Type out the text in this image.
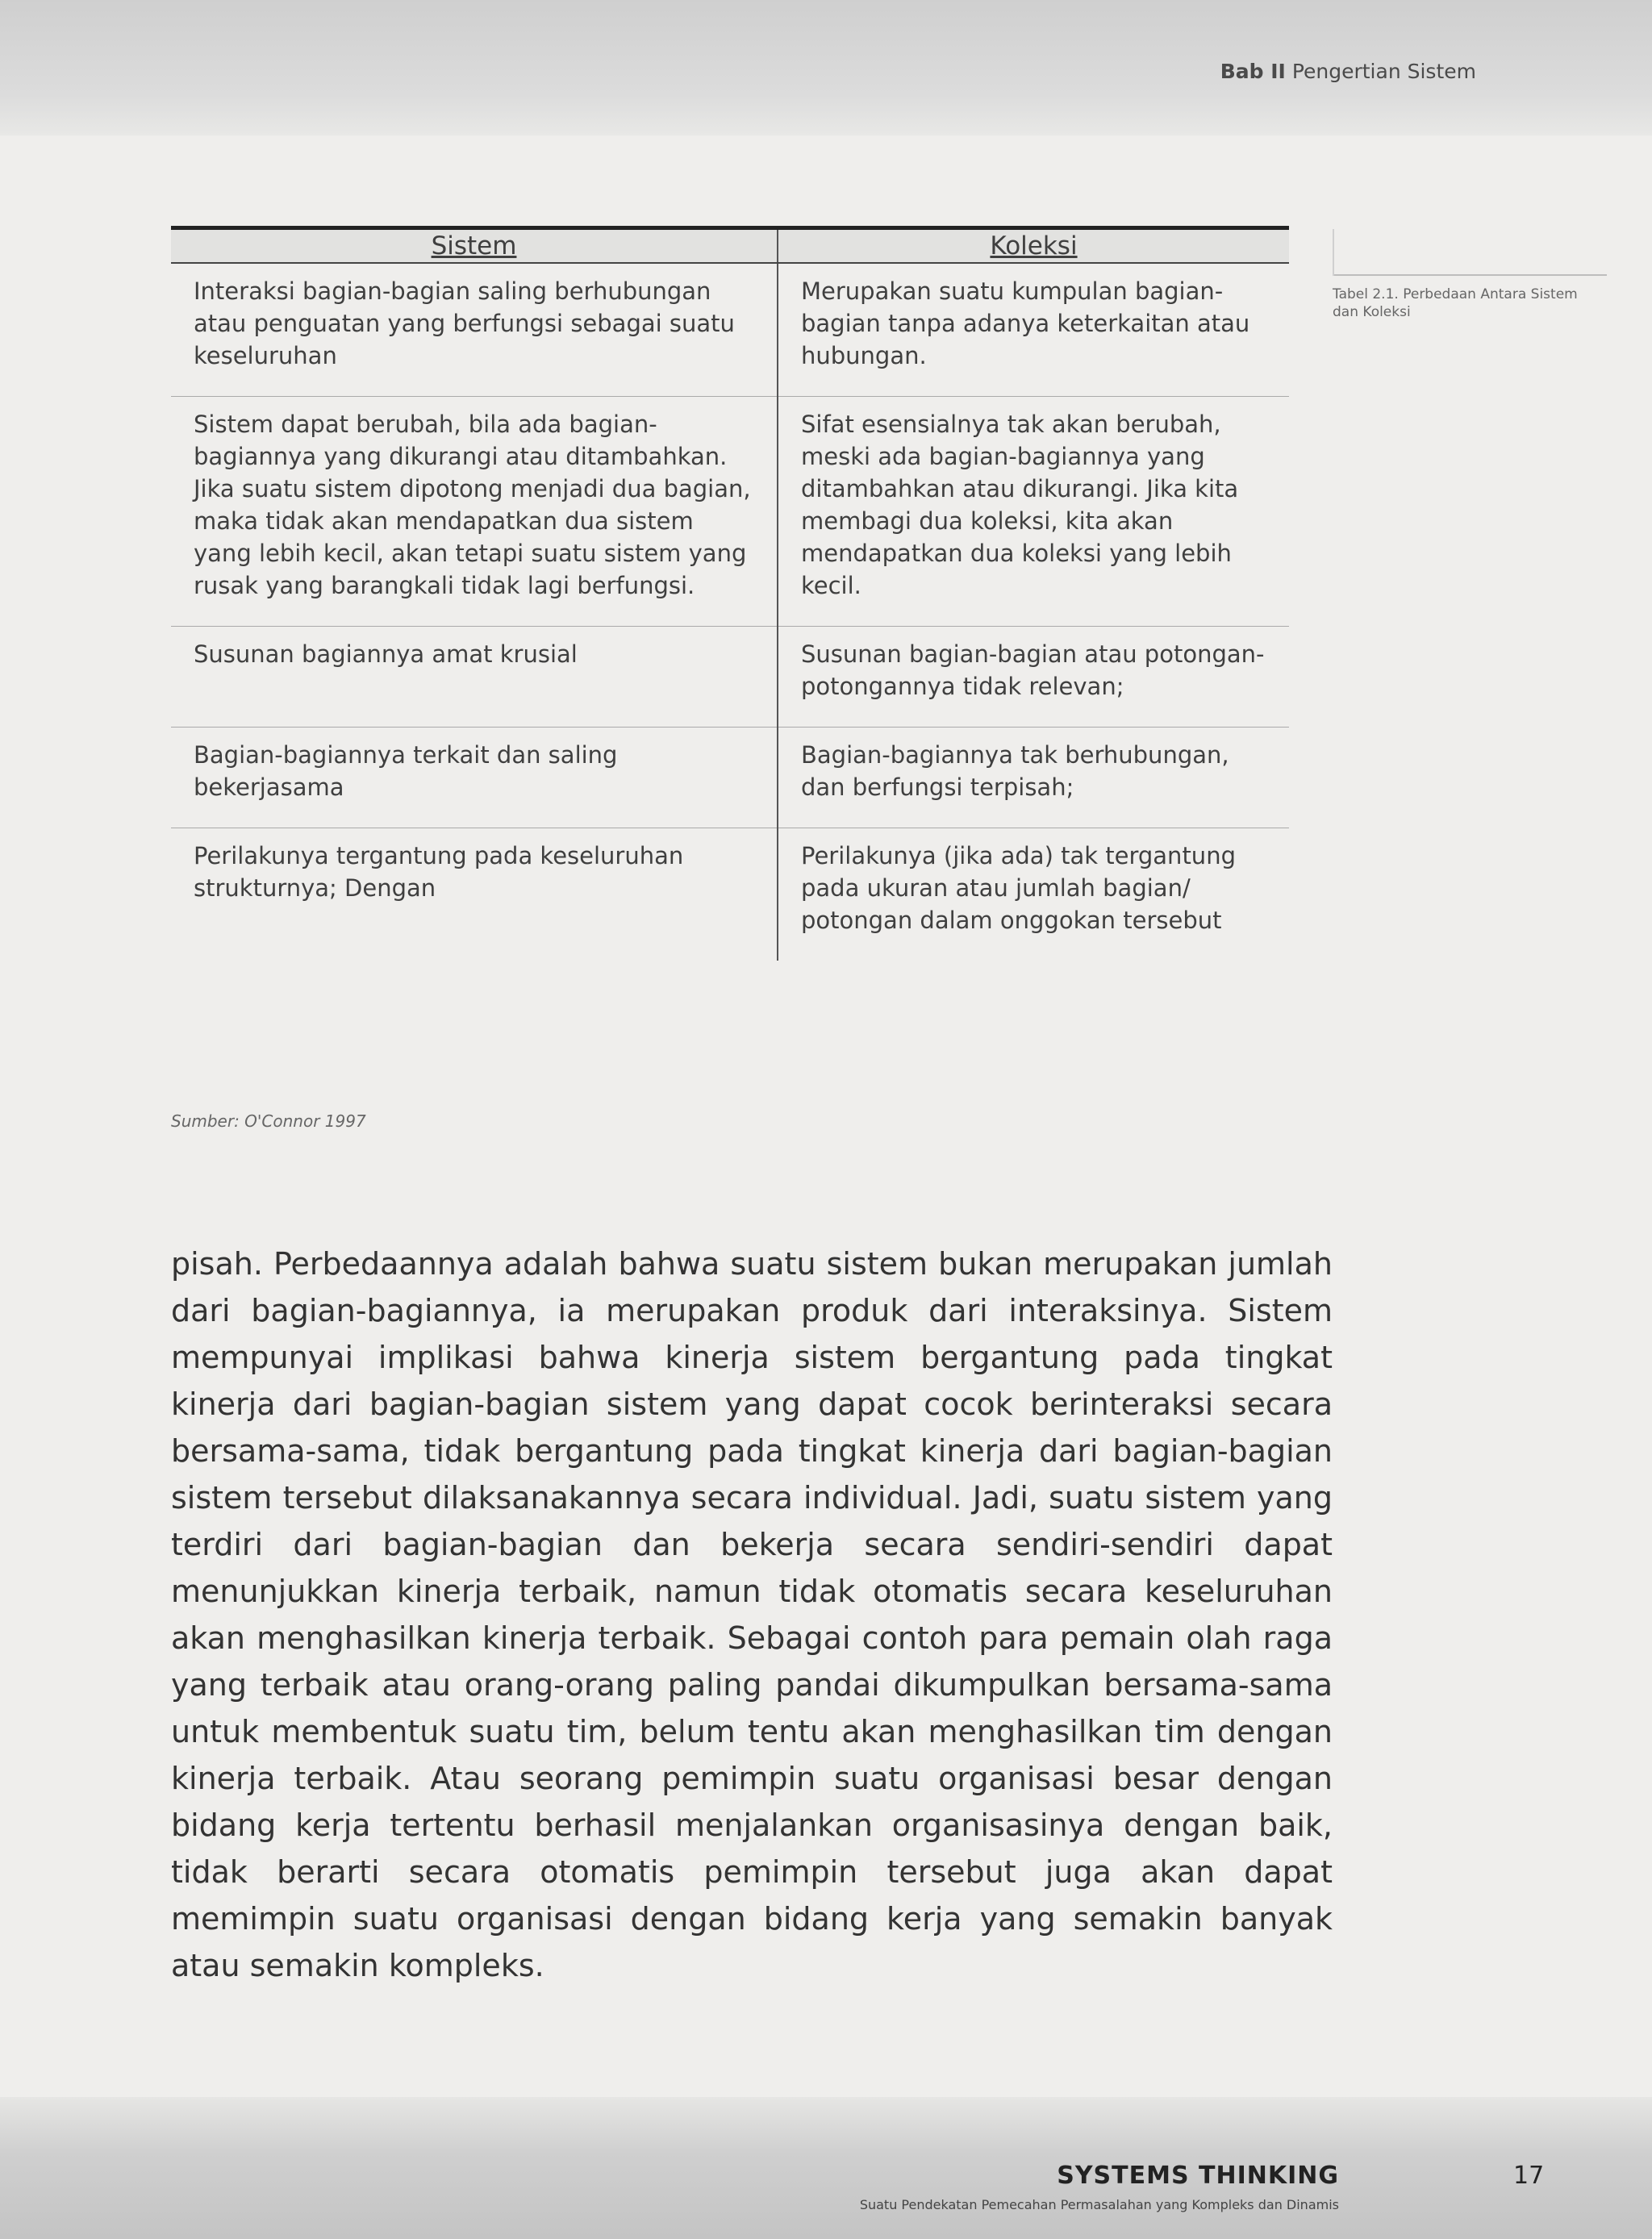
Bab II Pengertian Sistem
Sistem	Koleksi
Interaksi bagian-bagian saling berhubungan atau penguatan yang berfungsi sebagai suatu keseluruhan	Merupakan suatu kumpulan bagian-bagian tanpa adanya keterkaitan atau hubungan.
Sistem dapat berubah, bila ada bagian-bagiannya yang dikurangi atau ditambahkan. Jika suatu sistem dipotong menjadi dua bagian, maka tidak akan mendapatkan dua sistem yang lebih kecil, akan tetapi suatu sistem yang rusak yang barangkali tidak lagi berfungsi.	Sifat esensialnya tak akan berubah, meski ada bagian-bagiannya yang ditambahkan atau dikurangi. Jika kita membagi dua koleksi, kita akan mendapatkan dua koleksi yang lebih kecil.
Susunan bagiannya amat krusial	Susunan bagian-bagian atau potongan-potongannya tidak relevan;
Bagian-bagiannya terkait dan saling bekerjasama	Bagian-bagiannya tak berhubungan, dan berfungsi terpisah;
Perilakunya tergantung pada keseluruhan strukturnya; Dengan	Perilakunya (jika ada) tak tergantung pada ukuran atau jumlah bagian/ potongan dalam onggokan tersebut
Tabel 2.1. Perbedaan Antara Sistem dan Koleksi
Sumber: O'Connor 1997

pisah. Perbedaannya adalah bahwa suatu sistem bukan merupakan jumlah dari bagian-bagiannya, ia merupakan produk dari interaksinya. Sistem mempunyai implikasi bahwa kinerja sistem bergantung pada tingkat kinerja dari bagian-bagian sistem yang dapat cocok berinteraksi secara bersama-sama, tidak bergantung pada tingkat kinerja dari bagian-bagian sistem tersebut dilaksanakannya secara individual. Jadi, suatu sistem yang terdiri dari bagian-bagian dan bekerja secara sendiri-sendiri dapat menunjukkan kinerja terbaik, namun tidak otomatis secara keseluruhan akan menghasilkan kinerja terbaik. Sebagai contoh para pemain olah raga yang terbaik atau orang-orang paling pandai dikumpulkan bersama-sama untuk membentuk suatu tim, belum tentu akan menghasilkan tim dengan kinerja terbaik. Atau seorang pemimpin suatu organisasi besar dengan bidang kerja tertentu berhasil menjalankan organisasinya dengan baik, tidak berarti secara otomatis pemimpin tersebut juga akan dapat memimpin suatu organisasi dengan bidang kerja yang semakin banyak atau semakin kompleks.

SYSTEMS THINKING
Suatu Pendekatan Pemecahan Permasalahan yang Kompleks dan Dinamis
17
